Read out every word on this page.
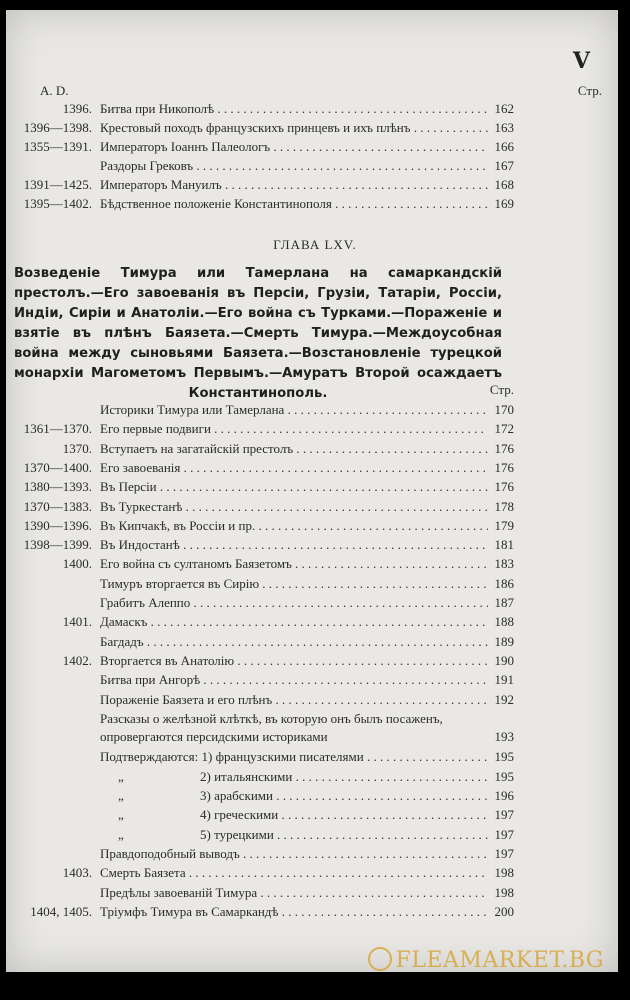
V
A. D.	Стр.
1396. Битва при Никополѣ . . .	162
1396—1398. Крестовый походъ французскихъ принцевъ и ихъ плѣнъ . . .	163
1355—1391. Императоръ Іоаннъ Палеологъ . . .	166
Раздоры Грековъ . . .	167
1391—1425. Императоръ Мануилъ . . .	168
1395—1402. Бѣдственное положеніе Константинополя . . .	169
ГЛАВА LXV.
Возведеніе Тимура или Тамерлана на самаркандскій престолъ.—Его завоеванія въ Персіи, Грузіи, Татаріи, Россіи, Индіи, Сиріи и Анатоліи.—Его война съ Турками.—Пораженіе и взятіе въ плѣнъ Баязета.—Смерть Тимура.—Междоусобная война между сыновьями Баязета.—Возстановленіе турецкой монархіи Магометомъ Первымъ.—Амуратъ Второй осаждаетъ Константинополь.	Стр.
Историки Тимура или Тамерлана . . .	170
1361—1370. Его первые подвиги . . .	172
1370. Вступаетъ на загатайскій престолъ . . .	176
1370—1400. Его завоеванія . . .	176
1380—1393. Въ Персіи . . .	176
1370—1383. Въ Туркестанѣ . . .	178
1390—1396. Въ Кипчакѣ, въ Россіи и пр. . . .	179
1398—1399. Въ Индостанѣ . . .	181
1400. Его война съ султаномъ Баязетомъ . . .	183
Тимуръ вторгается въ Сирію . . .	186
Грабитъ Алеппо . . .	187
1401. Дамаскъ . . .	188
Багдадъ . . .	189
1402. Вторгается въ Анатолію . . .	190
Битва при Ангорѣ . . .	191
Пораженіе Баязета и его плѣнъ . . .	192
Разсказы о желѣзной клѣткѣ, въ которую онъ былъ посаженъ, опровергаются персидскими историками	193
Подтверждаются: 1) французскими писателями . . .	195
„	2) итальянскими . . .	195
„	3) арабскими . . .	196
„	4) греческими . . .	197
„	5) турецкими . . .	197
Правдоподобный выводъ . . .	197
1403. Смерть Баязета . . .	198
Предѣлы завоеваній Тимура . . .	198
1404, 1405. Тріумфъ Тимура въ Самаркандѣ . . .	200
FLEAMARKET.BG
